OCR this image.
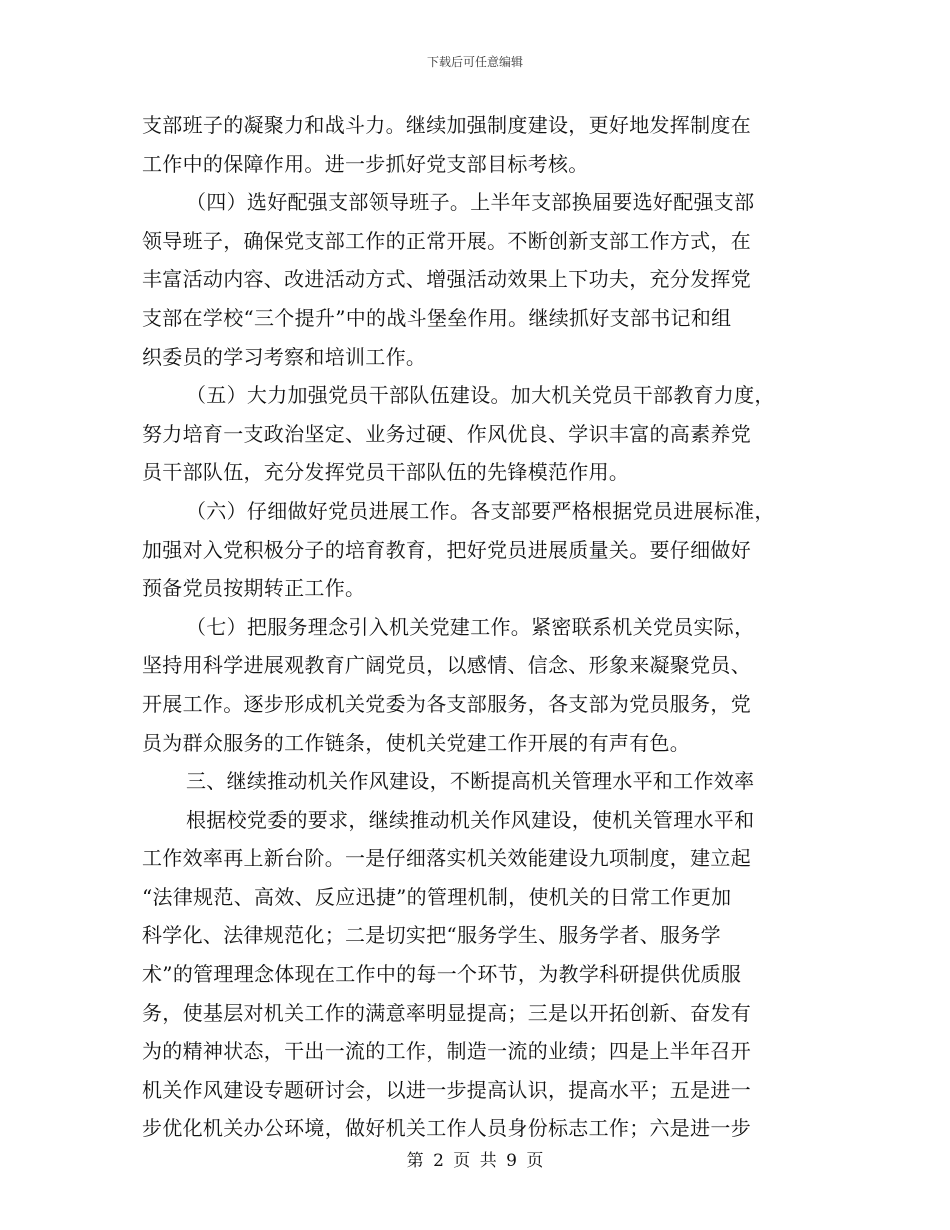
下载后可任意编辑
支部班子的凝聚力和战斗力。继续加强制度建设，更好地发挥制度在
工作中的保障作用。进一步抓好党支部目标考核。
（四）选好配强支部领导班子。上半年支部换届要选好配强支部
领导班子，确保党支部工作的正常开展。不断创新支部工作方式，在
丰富活动内容、改进活动方式、增强活动效果上下功夫，充分发挥党
支部在学校“三个提升”中的战斗堡垒作用。继续抓好支部书记和组
织委员的学习考察和培训工作。
（五）大力加强党员干部队伍建设。加大机关党员干部教育力度，
努力培育一支政治坚定、业务过硬、作风优良、学识丰富的高素养党
员干部队伍，充分发挥党员干部队伍的先锋模范作用。
（六）仔细做好党员进展工作。各支部要严格根据党员进展标准，
加强对入党积极分子的培育教育，把好党员进展质量关。要仔细做好
预备党员按期转正工作。
（七）把服务理念引入机关党建工作。紧密联系机关党员实际，
坚持用科学进展观教育广阔党员，以感情、信念、形象来凝聚党员、
开展工作。逐步形成机关党委为各支部服务，各支部为党员服务，党
员为群众服务的工作链条，使机关党建工作开展的有声有色。
三、继续推动机关作风建设，不断提高机关管理水平和工作效率
根据校党委的要求，继续推动机关作风建设，使机关管理水平和
工作效率再上新台阶。一是仔细落实机关效能建设九项制度，建立起
“法律规范、高效、反应迅捷”的管理机制，使机关的日常工作更加
科学化、法律规范化；二是切实把“服务学生、服务学者、服务学
术”的管理理念体现在工作中的每一个环节，为教学科研提供优质服
务，使基层对机关工作的满意率明显提高；三是以开拓创新、奋发有
为的精神状态，干出一流的工作，制造一流的业绩；四是上半年召开
机关作风建设专题研讨会，以进一步提高认识，提高水平；五是进一
步优化机关办公环境，做好机关工作人员身份标志工作；六是进一步
第 2 页 共 9 页
